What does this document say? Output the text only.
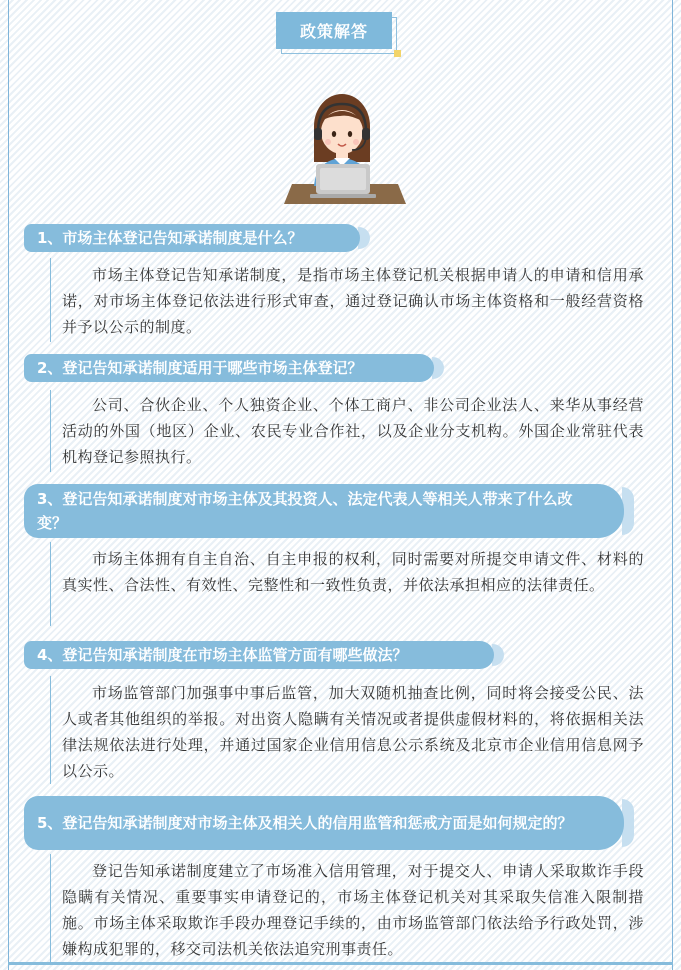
政策解答
1、市场主体登记告知承诺制度是什么？
市场主体登记告知承诺制度，是指市场主体登记机关根据申请人的申请和信用承诺，对市场主体登记依法进行形式审查，通过登记确认市场主体资格和一般经营资格并予以公示的制度。
2、登记告知承诺制度适用于哪些市场主体登记？
公司、合伙企业、个人独资企业、个体工商户、非公司企业法人、来华从事经营活动的外国（地区）企业、农民专业合作社，以及企业分支机构。外国企业常驻代表机构登记参照执行。
3、登记告知承诺制度对市场主体及其投资人、法定代表人等相关人带来了什么改变？
市场主体拥有自主自治、自主申报的权利，同时需要对所提交申请文件、材料的真实性、合法性、有效性、完整性和一致性负责，并依法承担相应的法律责任。
4、登记告知承诺制度在市场主体监管方面有哪些做法？
市场监管部门加强事中事后监管，加大双随机抽查比例，同时将会接受公民、法人或者其他组织的举报。对出资人隐瞒有关情况或者提供虚假材料的，将依据相关法律法规依法进行处理，并通过国家企业信用信息公示系统及北京市企业信用信息网予以公示。
5、登记告知承诺制度对市场主体及相关人的信用监管和惩戒方面是如何规定的？
登记告知承诺制度建立了市场准入信用管理，对于提交人、申请人采取欺诈手段隐瞒有关情况、重要事实申请登记的，市场主体登记机关对其采取失信准入限制措施。市场主体采取欺诈手段办理登记手续的，由市场监管部门依法给予行政处罚，涉嫌构成犯罪的，移交司法机关依法追究刑事责任。
